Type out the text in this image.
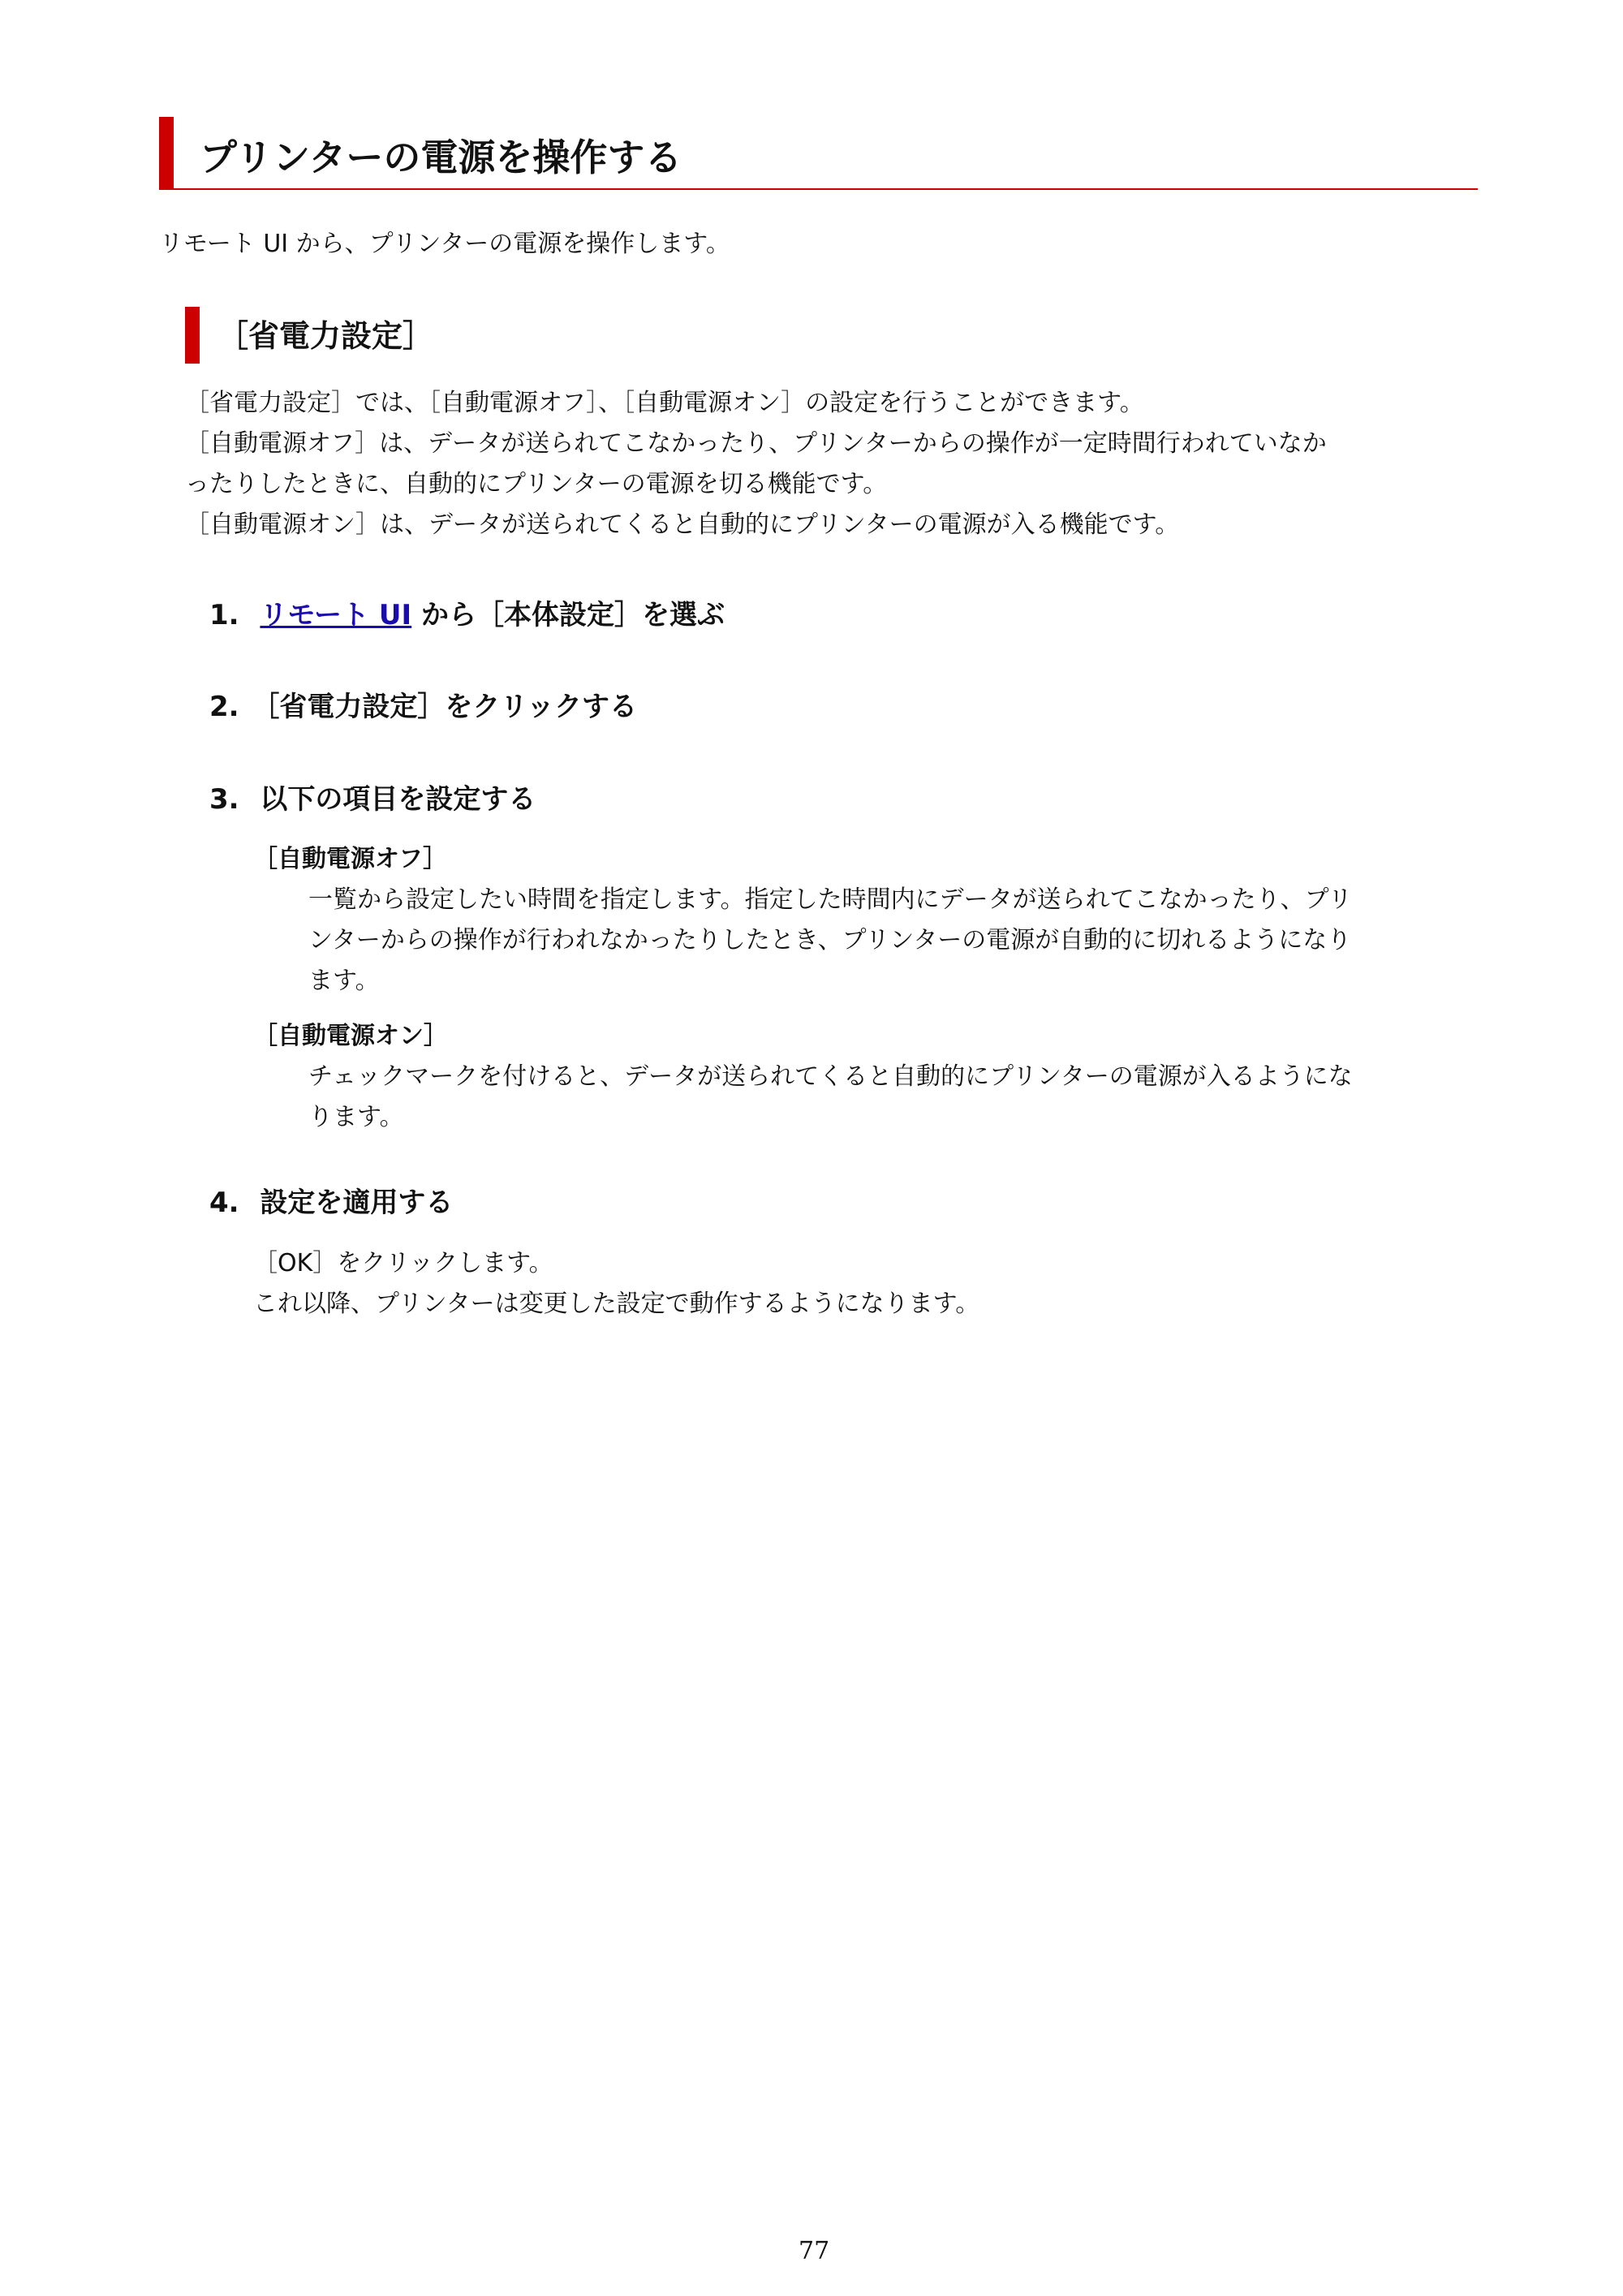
プリンターの電源を操作する
リモート UI から、プリンターの電源を操作します。
［省電力設定］
［省電力設定］では、［自動電源オフ］、［自動電源オン］の設定を行うことができます。
［自動電源オフ］は、データが送られてこなかったり、プリンターからの操作が一定時間行われていなか
ったりしたときに、自動的にプリンターの電源を切る機能です。
［自動電源オン］は、データが送られてくると自動的にプリンターの電源が入る機能です。
1. リモート UI から［本体設定］を選ぶ
2. ［省電力設定］をクリックする
3. 以下の項目を設定する
［自動電源オフ］
一覧から設定したい時間を指定します。指定した時間内にデータが送られてこなかったり、プリ
ンターからの操作が行われなかったりしたとき、プリンターの電源が自動的に切れるようになり
ます。
［自動電源オン］
チェックマークを付けると、データが送られてくると自動的にプリンターの電源が入るようにな
ります。
4. 設定を適用する
［OK］をクリックします。
これ以降、プリンターは変更した設定で動作するようになります。
77
